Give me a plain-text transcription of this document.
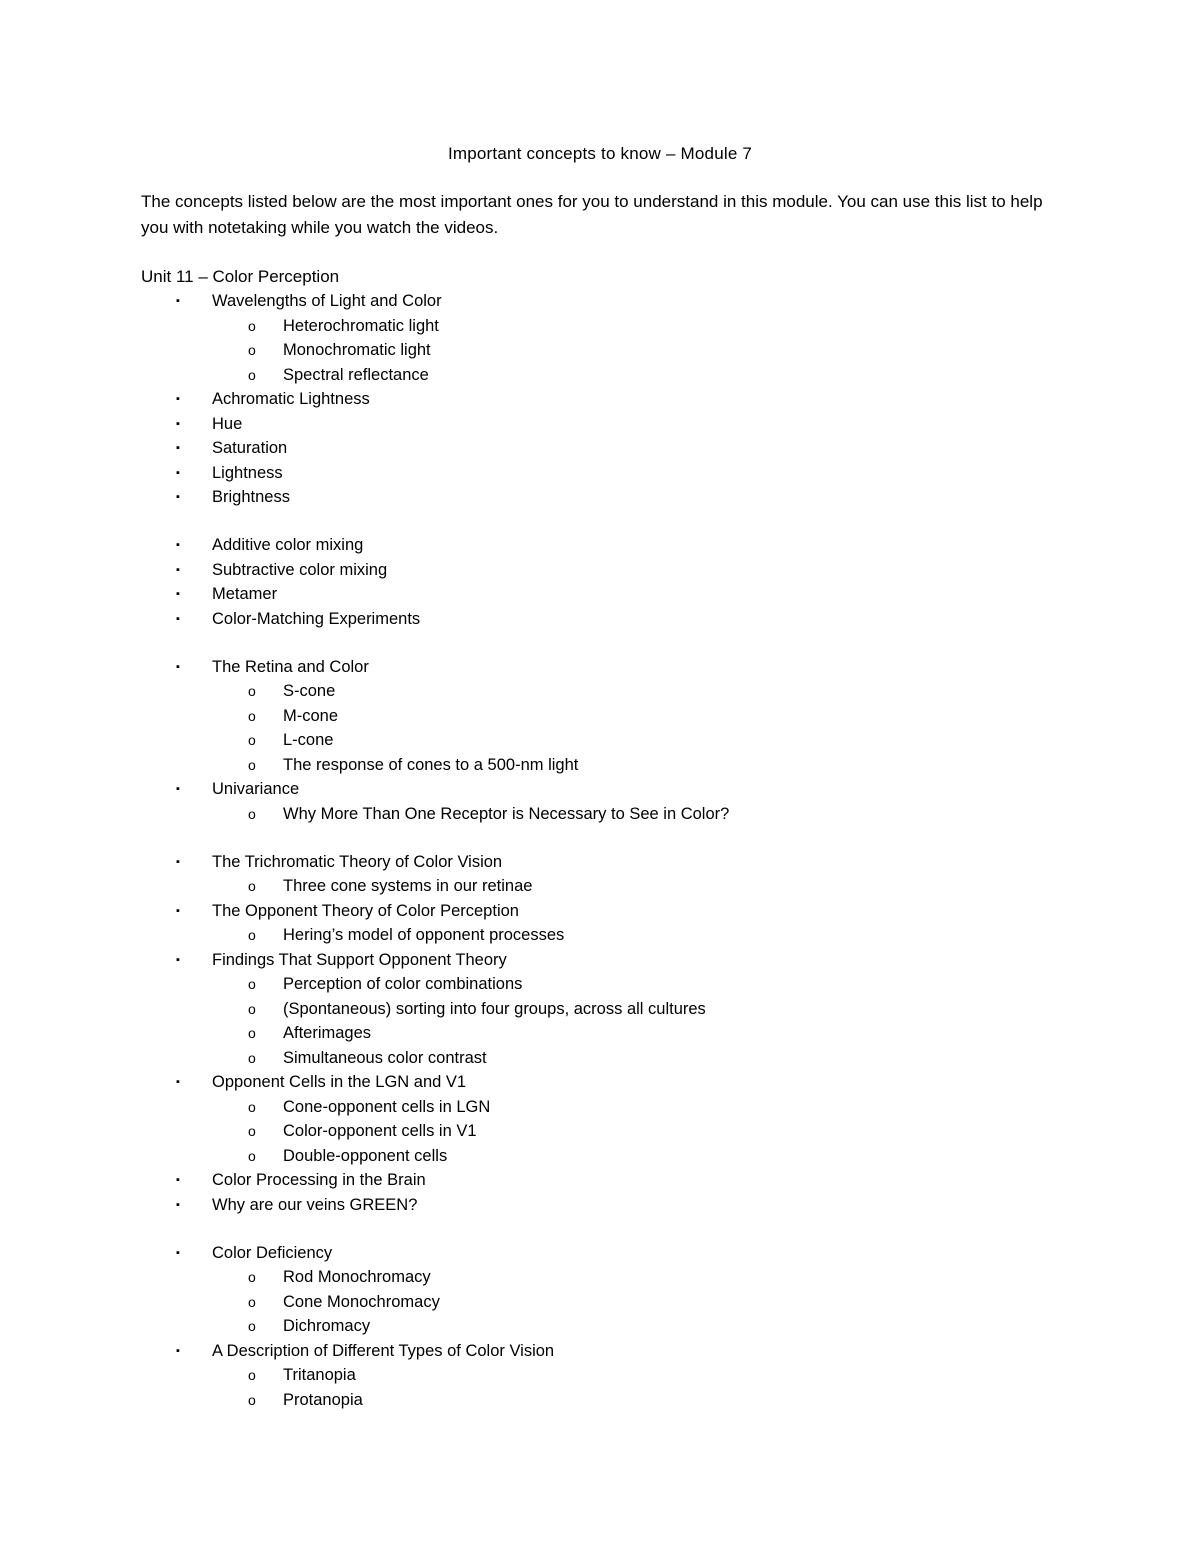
Important concepts to know – Module 7
The concepts listed below are the most important ones for you to understand in this module. You can use this list to help you with notetaking while you watch the videos.
Unit 11 – Color Perception
▪ Wavelengths of Light and Color
o Heterochromatic light
o Monochromatic light
o Spectral reflectance
▪ Achromatic Lightness
▪ Hue
▪ Saturation
▪ Lightness
▪ Brightness
▪ Additive color mixing
▪ Subtractive color mixing
▪ Metamer
▪ Color-Matching Experiments
▪ The Retina and Color
o S-cone
o M-cone
o L-cone
o The response of cones to a 500-nm light
▪ Univariance
o Why More Than One Receptor is Necessary to See in Color?
▪ The Trichromatic Theory of Color Vision
o Three cone systems in our retinae
▪ The Opponent Theory of Color Perception
o Hering’s model of opponent processes
▪ Findings That Support Opponent Theory
o Perception of color combinations
o (Spontaneous) sorting into four groups, across all cultures
o Afterimages
o Simultaneous color contrast
▪ Opponent Cells in the LGN and V1
o Cone-opponent cells in LGN
o Color-opponent cells in V1
o Double-opponent cells
▪ Color Processing in the Brain
▪ Why are our veins GREEN?
▪ Color Deficiency
o Rod Monochromacy
o Cone Monochromacy
o Dichromacy
▪ A Description of Different Types of Color Vision
o Tritanopia
o Protanopia
